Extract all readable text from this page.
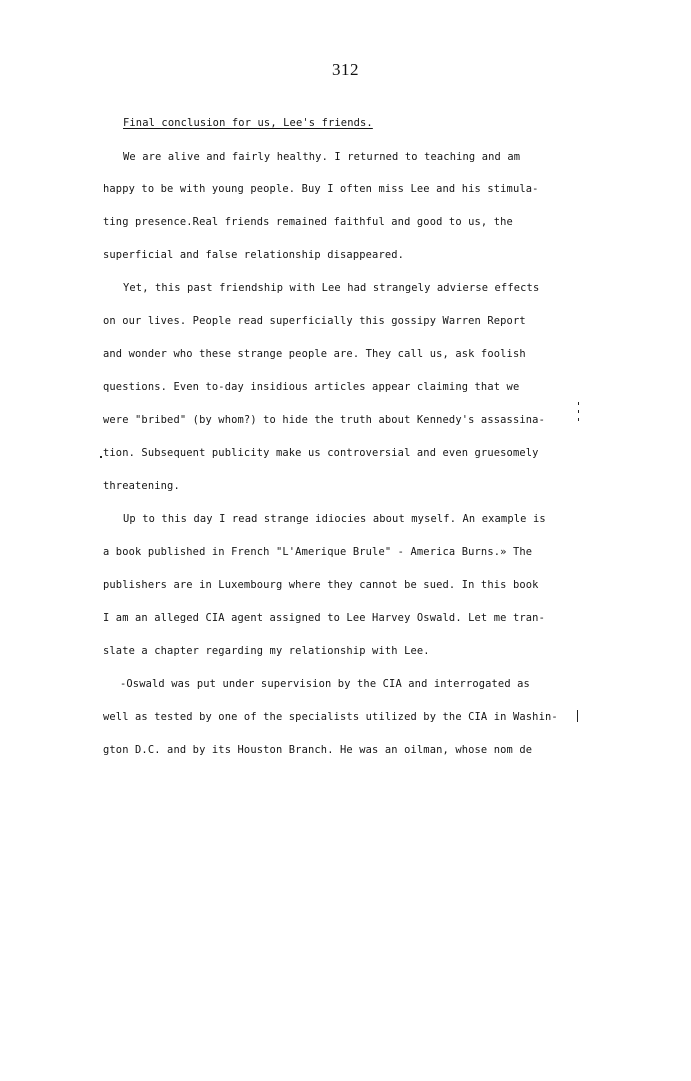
312
Final conclusion for us, Lee's friends.
We are alive and fairly healthy. I returned to teaching and am
happy to be with young people. Buy I often miss Lee and his stimula-
ting presence.Real friends remained faithful and good to us, the
superficial and false relationship disappeared.
Yet, this past friendship with Lee had strangely advierse effects
on our lives. People read superficially this gossipy Warren Report
and wonder who these strange people are. They call us, ask foolish
questions. Even to-day insidious articles appear claiming that we
were "bribed" (by whom?) to hide the truth about Kennedy's assassina-
tion. Subsequent publicity make us controversial and even gruesomely
threatening.
Up to this day I read strange idiocies about myself. An example is
a book published in French "L'Amerique Brule" - America Burns.» The
publishers are in Luxembourg where they cannot be sued. In this book
I am an alleged CIA agent assigned to Lee Harvey Oswald. Let me tran-
slate a chapter regarding my relationship with Lee.
-Oswald was put under supervision by the CIA and interrogated as
well as tested by one of the specialists utilized by the CIA in Washin-
gton D.C. and by its Houston Branch. He was an oilman, whose nom de
